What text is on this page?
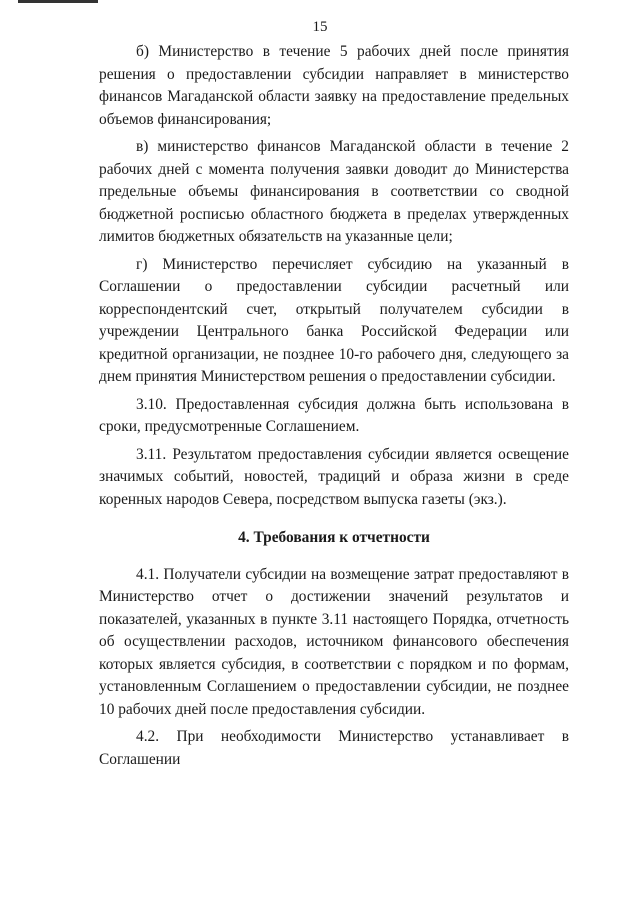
15

б) Министерство в течение 5 рабочих дней после принятия решения о предоставлении субсидии направляет в министерство финансов Магаданской области заявку на предоставление предельных объемов финансирования;

в) министерство финансов Магаданской области в течение 2 рабочих дней с момента получения заявки доводит до Министерства предельные объемы финансирования в соответствии со сводной бюджетной росписью областного бюджета в пределах утвержденных лимитов бюджетных обязательств на указанные цели;

г) Министерство перечисляет субсидию на указанный в Соглашении о предоставлении субсидии расчетный или корреспондентский счет, открытый получателем субсидии в учреждении Центрального банка Российской Федерации или кредитной организации, не позднее 10-го рабочего дня, следующего за днем принятия Министерством решения о предоставлении субсидии.

3.10. Предоставленная субсидия должна быть использована в сроки, предусмотренные Соглашением.

3.11. Результатом предоставления субсидии является освещение значимых событий, новостей, традиций и образа жизни в среде коренных народов Севера, посредством выпуска газеты (экз.).

4. Требования к отчетности

4.1. Получатели субсидии на возмещение затрат предоставляют в Министерство отчет о достижении значений результатов и показателей, указанных в пункте 3.11 настоящего Порядка, отчетность об осуществлении расходов, источником финансового обеспечения которых является субсидия, в соответствии с порядком и по формам, установленным Соглашением о предоставлении субсидии, не позднее 10 рабочих дней после предоставления субсидии.

4.2. При необходимости Министерство устанавливает в Соглашении
